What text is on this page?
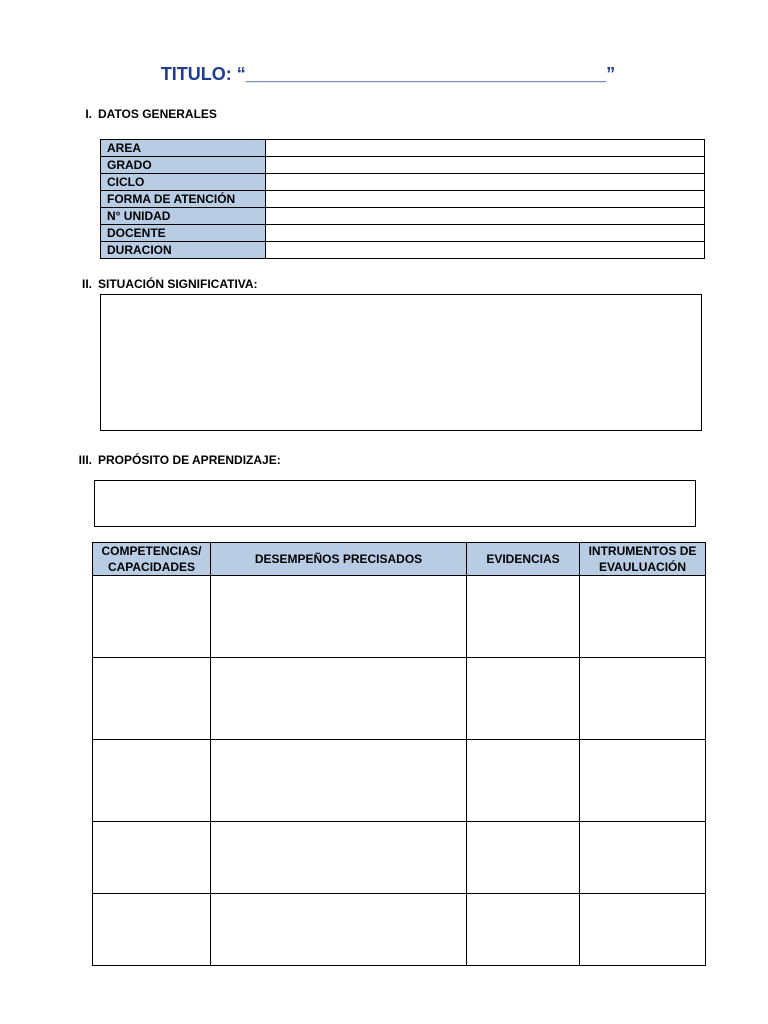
TITULO: “____________________________________”
I. DATOS GENERALES
AREA	
GRADO	
CICLO	
FORMA DE ATENCIÓN	
N° UNIDAD	
DOCENTE	
DURACION	
II. SITUACIÓN SIGNIFICATIVA:
III. PROPÓSITO DE APRENDIZAJE:
COMPETENCIAS/ CAPACIDADES	DESEMPEÑOS PRECISADOS	EVIDENCIAS	INTRUMENTOS DE EVAULUACIÓN
